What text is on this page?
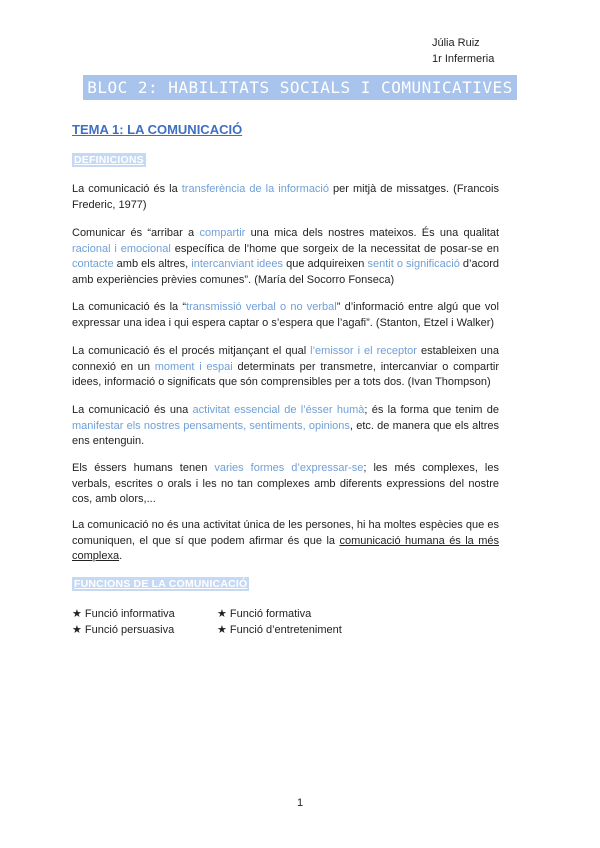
Júlia Ruiz
1r Infermeria
BLOC 2: HABILITATS SOCIALS I COMUNICATIVES
TEMA 1: LA COMUNICACIÓ
DEFINICIONS
La comunicació és la transferència de la informació per mitjà de missatges. (Francois Frederic, 1977)
Comunicar és “arribar a compartir una mica dels nostres mateixos. És una qualitat racional i emocional específica de l’home que sorgeix de la necessitat de posar-se en contacte amb els altres, intercanviant idees que adquireixen sentit o significació d’acord amb experiències prèvies comunes”. (María del Socorro Fonseca)
La comunicació és la “transmissió verbal o no verbal” d’informació entre algú que vol expressar una idea i qui espera captar o s’espera que l’agafi”. (Stanton, Etzel i Walker)
La comunicació és el procés mitjançant el qual l’emissor i el receptor estableixen una connexió en un moment i espai determinats per transmetre, intercanviar o compartir idees, informació o significats que són comprensibles per a tots dos. (Ivan Thompson)
La comunicació és una activitat essencial de l’ésser humà; és la forma que tenim de manifestar els nostres pensaments, sentiments, opinions, etc. de manera que els altres ens entenguin.
Els éssers humans tenen varies formes d’expressar-se; les més complexes, les verbals, escrites o orals i les no tan complexes amb diferents expressions del nostre cos, amb olors,...
La comunicació no és una activitat única de les persones, hi ha moltes espècies que es comuniquen, el que sí que podem afirmar és que la comunicació humana és la més complexa.
FUNCIONS DE LA COMUNICACIÓ
★ Funció informativa	★ Funció formativa
★ Funció persuasiva	★ Funció d’entreteniment
1
